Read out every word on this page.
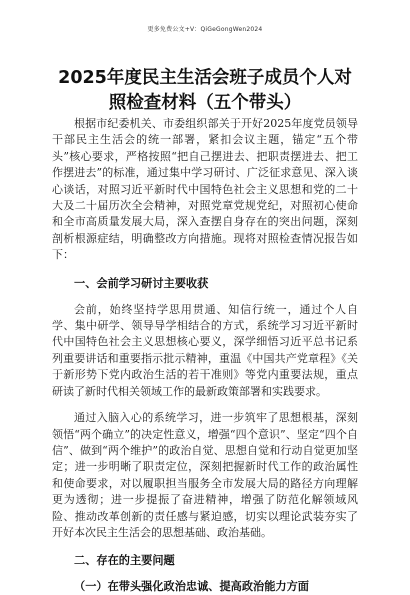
更多免费公文+V：QiGeGongWen2024
2025年度民主生活会班子成员个人对照检查材料（五个带头）

根据市纪委机关、市委组织部关于开好2025年度党员领导干部民主生活会的统一部署，紧扣会议主题，锚定“五个带头”核心要求，严格按照“把自己摆进去、把职责摆进去、把工作摆进去”的标准，通过集中学习研讨、广泛征求意见、深入谈心谈话，对照习近平新时代中国特色社会主义思想和党的二十大及二十届历次全会精神，对照党章党规党纪，对照初心使命和全市高质量发展大局，深入查摆自身存在的突出问题，深刻剖析根源症结，明确整改方向措施。现将对照检查情况报告如下：

一、会前学习研讨主要收获

会前，始终坚持学思用贯通、知信行统一，通过个人自学、集中研学、领导导学相结合的方式，系统学习习近平新时代中国特色社会主义思想核心要义，深学细悟习近平总书记系列重要讲话和重要指示批示精神，重温《中国共产党章程》《关于新形势下党内政治生活的若干准则》等党内重要法规，重点研读了新时代相关领域工作的最新政策部署和实践要求。

通过入脑入心的系统学习，进一步筑牢了思想根基，深刻领悟“两个确立”的决定性意义，增强“四个意识”、坚定“四个自信”、做到“两个维护”的政治自觉、思想自觉和行动自觉更加坚定；进一步明晰了职责定位，深刻把握新时代工作的政治属性和使命要求，对以履职担当服务全市发展大局的路径方向理解更为透彻；进一步提振了奋进精神，增强了防范化解领域风险、推动改革创新的责任感与紧迫感，切实以理论武装夯实了开好本次民主生活会的思想基础、政治基础。

二、存在的主要问题

（一）在带头强化政治忠诚、提高政治能力方面
